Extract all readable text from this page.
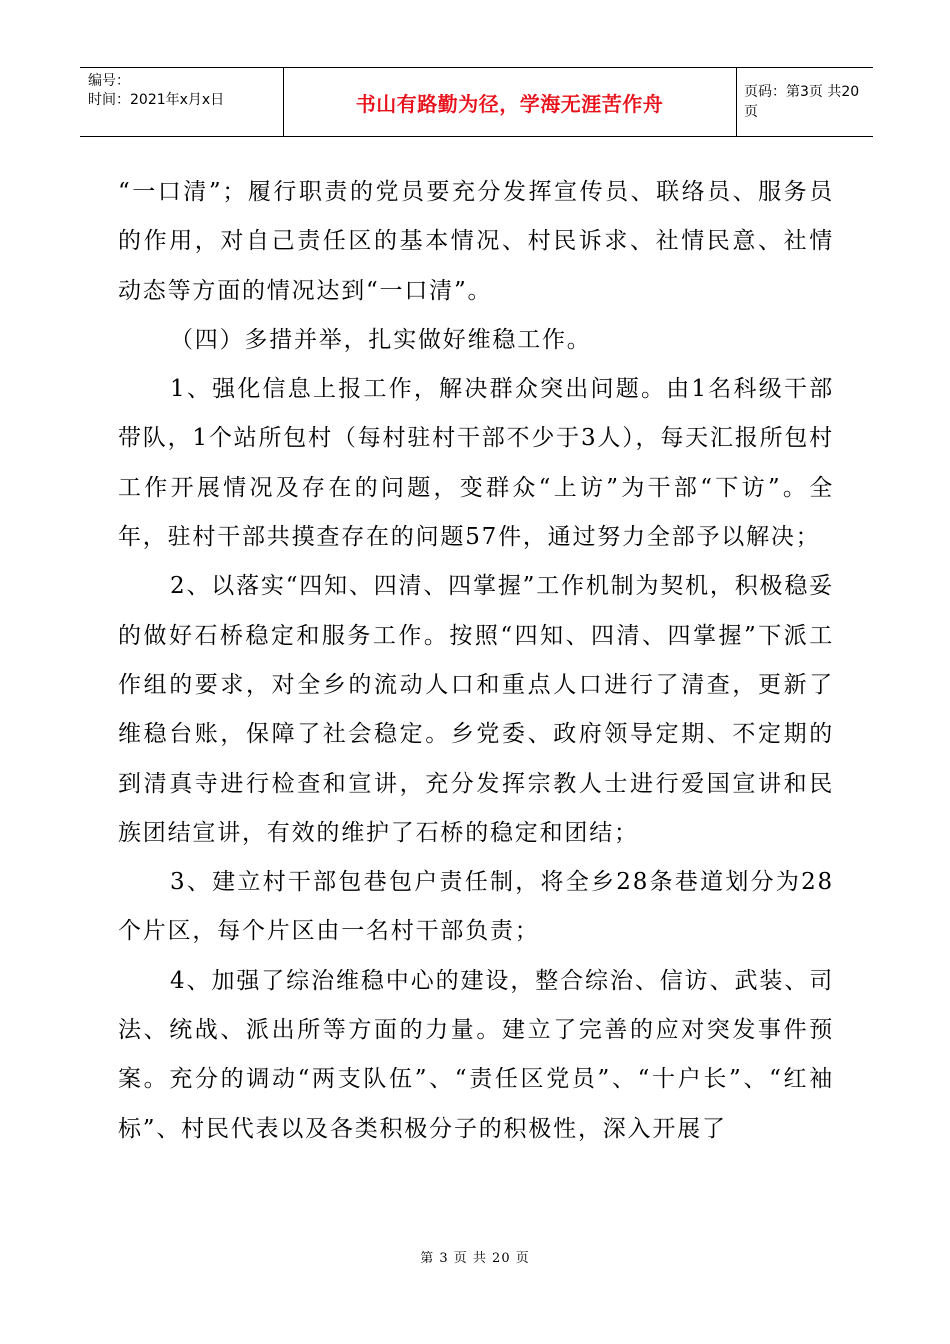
编号：
时间：2021年x月x日	书山有路勤为径，学海无涯苦作舟	页码：第3页 共20页

“一口清”；履行职责的党员要充分发挥宣传员、联络员、服务员的作用，对自己责任区的基本情况、村民诉求、社情民意、社情动态等方面的情况达到“一口清”。

（四）多措并举，扎实做好维稳工作。

1、强化信息上报工作，解决群众突出问题。由1名科级干部带队，1个站所包村（每村驻村干部不少于3人），每天汇报所包村工作开展情况及存在的问题，变群众“上访”为干部“下访”。全年，驻村干部共摸查存在的问题57件，通过努力全部予以解决；

2、以落实“四知、四清、四掌握”工作机制为契机，积极稳妥的做好石桥稳定和服务工作。按照“四知、四清、四掌握”下派工作组的要求，对全乡的流动人口和重点人口进行了清查，更新了维稳台账，保障了社会稳定。乡党委、政府领导定期、不定期的到清真寺进行检查和宣讲，充分发挥宗教人士进行爱国宣讲和民族团结宣讲，有效的维护了石桥的稳定和团结；

3、建立村干部包巷包户责任制，将全乡28条巷道划分为28个片区，每个片区由一名村干部负责；

4、加强了综治维稳中心的建设，整合综治、信访、武装、司法、统战、派出所等方面的力量。建立了完善的应对突发事件预案。充分的调动“两支队伍”、“责任区党员”、“十户长”、“红袖标”、村民代表以及各类积极分子的积极性，深入开展了

第 3 页 共 20 页
